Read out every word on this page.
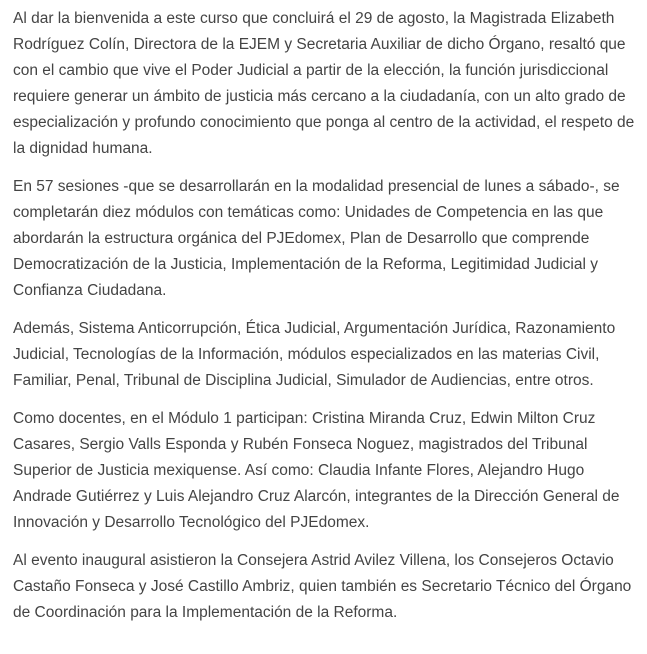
Al dar la bienvenida a este curso que concluirá el 29 de agosto, la Magistrada Elizabeth Rodríguez Colín, Directora de la EJEM y Secretaria Auxiliar de dicho Órgano, resaltó que con el cambio que vive el Poder Judicial a partir de la elección, la función jurisdiccional requiere generar un ámbito de justicia más cercano a la ciudadanía, con un alto grado de especialización y profundo conocimiento que ponga al centro de la actividad, el respeto de la dignidad humana.

En 57 sesiones -que se desarrollarán en la modalidad presencial de lunes a sábado-, se completarán diez módulos con temáticas como: Unidades de Competencia en las que abordarán la estructura orgánica del PJEdomex, Plan de Desarrollo que comprende Democratización de la Justicia, Implementación de la Reforma, Legitimidad Judicial y Confianza Ciudadana.

Además, Sistema Anticorrupción, Ética Judicial, Argumentación Jurídica, Razonamiento Judicial, Tecnologías de la Información, módulos especializados en las materias Civil, Familiar, Penal, Tribunal de Disciplina Judicial, Simulador de Audiencias, entre otros.

Como docentes, en el Módulo 1 participan: Cristina Miranda Cruz, Edwin Milton Cruz Casares, Sergio Valls Esponda y Rubén Fonseca Noguez, magistrados del Tribunal Superior de Justicia mexiquense. Así como: Claudia Infante Flores, Alejandro Hugo Andrade Gutiérrez y Luis Alejandro Cruz Alarcón, integrantes de la Dirección General de Innovación y Desarrollo Tecnológico del PJEdomex.

Al evento inaugural asistieron la Consejera Astrid Avilez Villena, los Consejeros Octavio Castaño Fonseca y José Castillo Ambriz, quien también es Secretario Técnico del Órgano de Coordinación para la Implementación de la Reforma.
